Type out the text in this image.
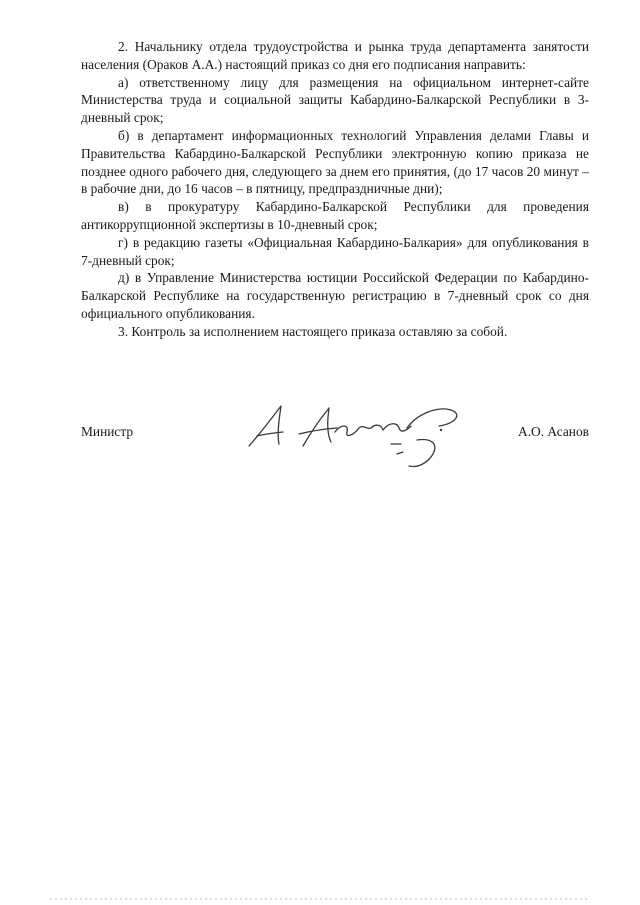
2. Начальнику отдела трудоустройства и рынка труда департамента занятости населения (Ораков А.А.) настоящий приказ со дня его подписания направить:

а) ответственному лицу для размещения на официальном интернет-сайте Министерства труда и социальной защиты Кабардино-Балкарской Республики в 3-дневный срок;

б) в департамент информационных технологий Управления делами Главы и Правительства Кабардино-Балкарской Республики электронную копию приказа не позднее одного рабочего дня, следующего за днем его принятия, (до 17 часов 20 минут – в рабочие дни, до 16 часов – в пятницу, предпраздничные дни);

в) в прокуратуру Кабардино-Балкарской Республики для проведения антикоррупционной экспертизы в 10-дневный срок;

г) в редакцию газеты «Официальная Кабардино-Балкария» для опубликования в 7-дневный срок;

д) в Управление Министерства юстиции Российской Федерации по Кабардино-Балкарской Республике на государственную регистрацию в 7-дневный срок со дня официального опубликования.

3. Контроль за исполнением настоящего приказа оставляю за собой.

Министр	А.О. Асанов
